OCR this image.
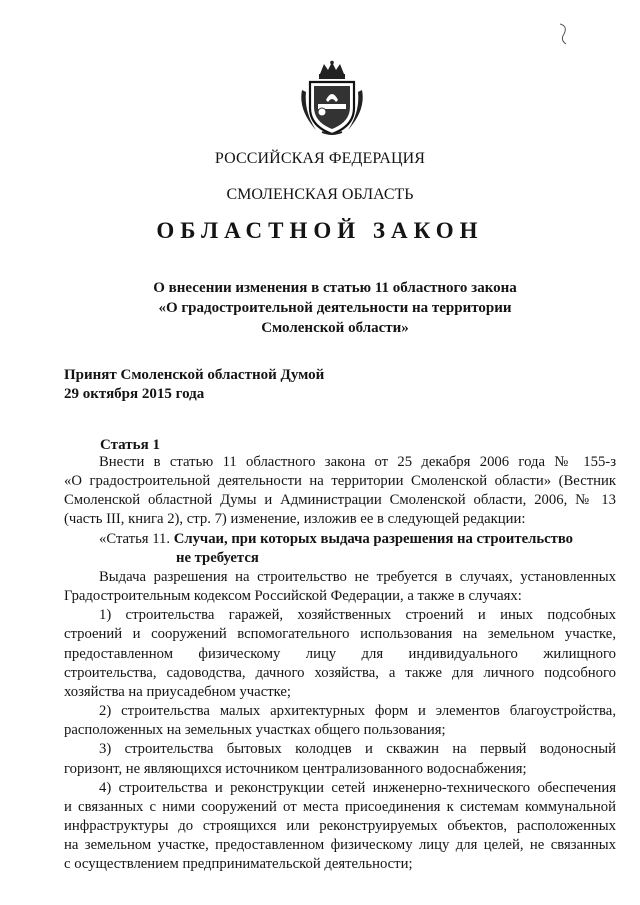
РОССИЙСКАЯ ФЕДЕРАЦИЯ
СМОЛЕНСКАЯ ОБЛАСТЬ
ОБЛАСТНОЙ ЗАКОН
О внесении изменения в статью 11 областного закона
«О градостроительной деятельности на территории
Смоленской области»
Принят Смоленской областной Думой
29 октября 2015 года
Статья 1
Внести в статью 11 областного закона от 25 декабря 2006 года № 155-з
«О градостроительной деятельности на территории Смоленской области» (Вестник
Смоленской областной Думы и Администрации Смоленской области, 2006, № 13
(часть III, книга 2), стр. 7) изменение, изложив ее в следующей редакции:
«Статья 11. Случаи, при которых выдача разрешения на строительство
не требуется
Выдача разрешения на строительство не требуется в случаях, установленных
Градостроительным кодексом Российской Федерации, а также в случаях:
1) строительства гаражей, хозяйственных строений и иных подсобных
строений и сооружений вспомогательного использования на земельном участке,
предоставленном физическому лицу для индивидуального жилищного
строительства, садоводства, дачного хозяйства, а также для личного подсобного
хозяйства на приусадебном участке;
2) строительства малых архитектурных форм и элементов благоустройства,
расположенных на земельных участках общего пользования;
3) строительства бытовых колодцев и скважин на первый водоносный
горизонт, не являющихся источником централизованного водоснабжения;
4) строительства и реконструкции сетей инженерно-технического обеспечения
и связанных с ними сооружений от места присоединения к системам коммунальной
инфраструктуры до строящихся или реконструируемых объектов, расположенных
на земельном участке, предоставленном физическому лицу для целей, не связанных
с осуществлением предпринимательской деятельности;
